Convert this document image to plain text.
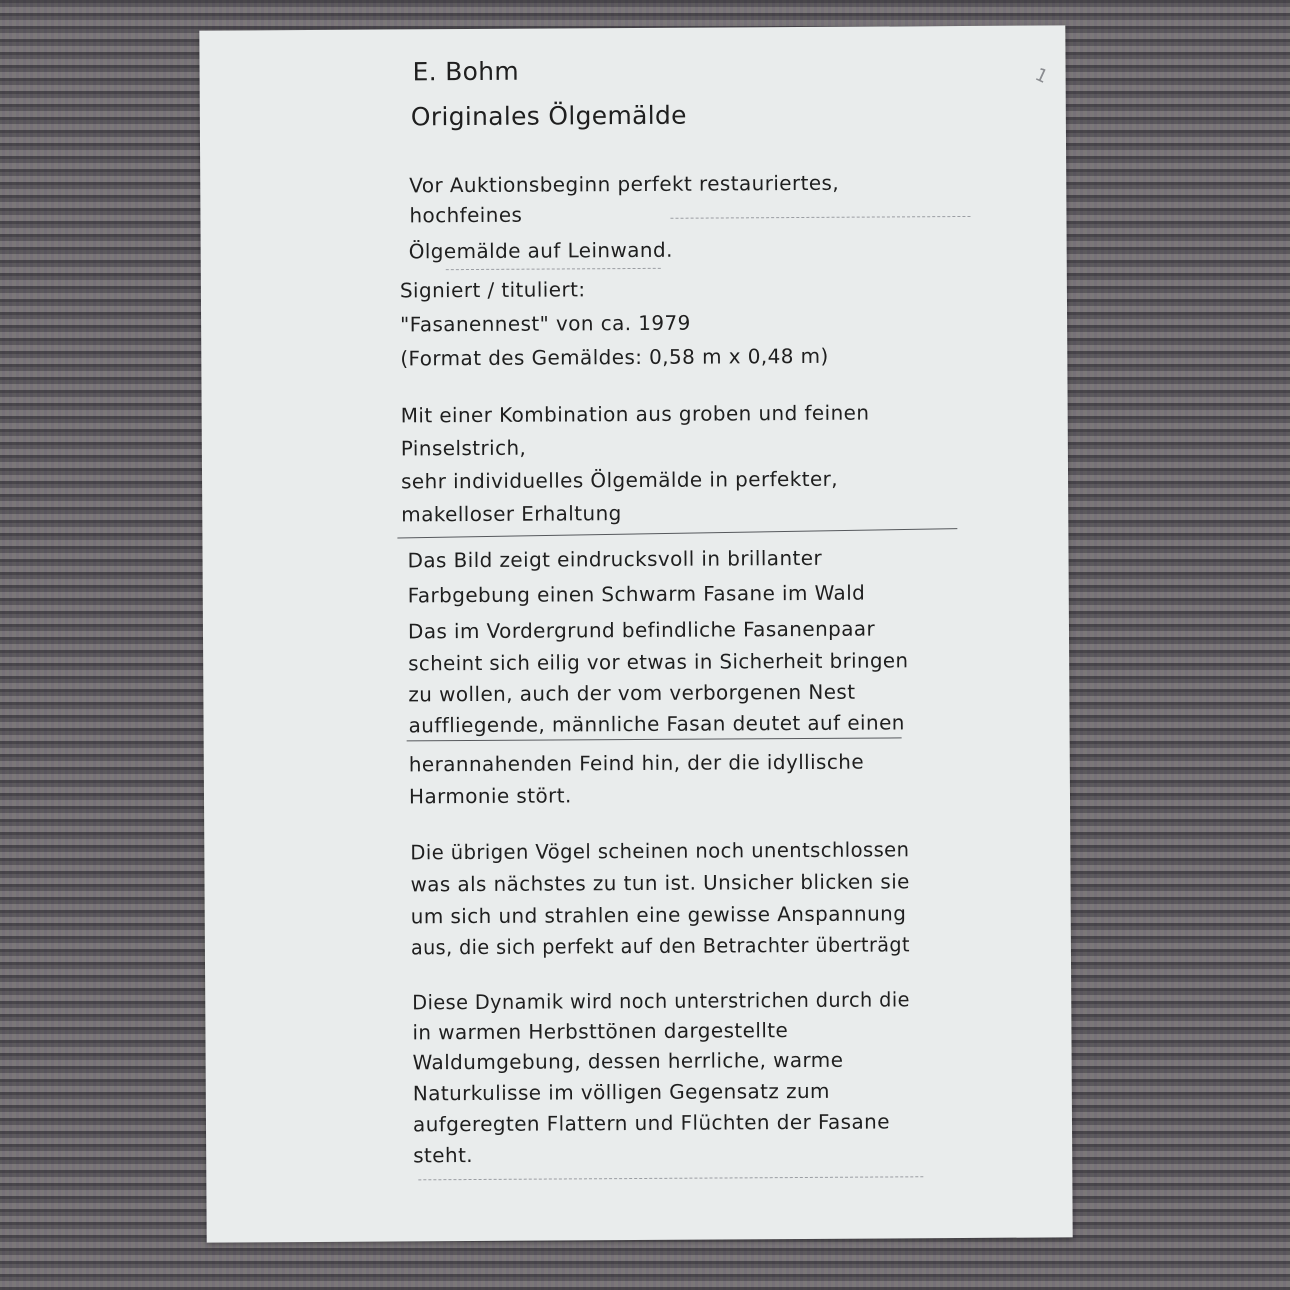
E. Bohm
Originales Ölgemälde
1
Vor Auktionsbeginn perfekt restauriertes,
hochfeines
Ölgemälde auf Leinwand.
Signiert / tituliert:
"Fasanennest" von ca. 1979
(Format des Gemäldes: 0,58 m x 0,48 m)
Mit einer Kombination aus groben und feinen
Pinselstrich,
sehr individuelles Ölgemälde in perfekter,
makelloser Erhaltung
Das Bild zeigt eindrucksvoll in brillanter
Farbgebung einen Schwarm Fasane im Wald
Das im Vordergrund befindliche Fasanenpaar
scheint sich eilig vor etwas in Sicherheit bringen
zu wollen, auch der vom verborgenen Nest
auffliegende, männliche Fasan deutet auf einen
herannahenden Feind hin, der die idyllische
Harmonie stört.
Die übrigen Vögel scheinen noch unentschlossen
was als nächstes zu tun ist. Unsicher blicken sie
um sich und strahlen eine gewisse Anspannung
aus, die sich perfekt auf den Betrachter überträgt
Diese Dynamik wird noch unterstrichen durch die
in warmen Herbsttönen dargestellte
Waldumgebung, dessen herrliche, warme
Naturkulisse im völligen Gegensatz zum
aufgeregten Flattern und Flüchten der Fasane
steht.
